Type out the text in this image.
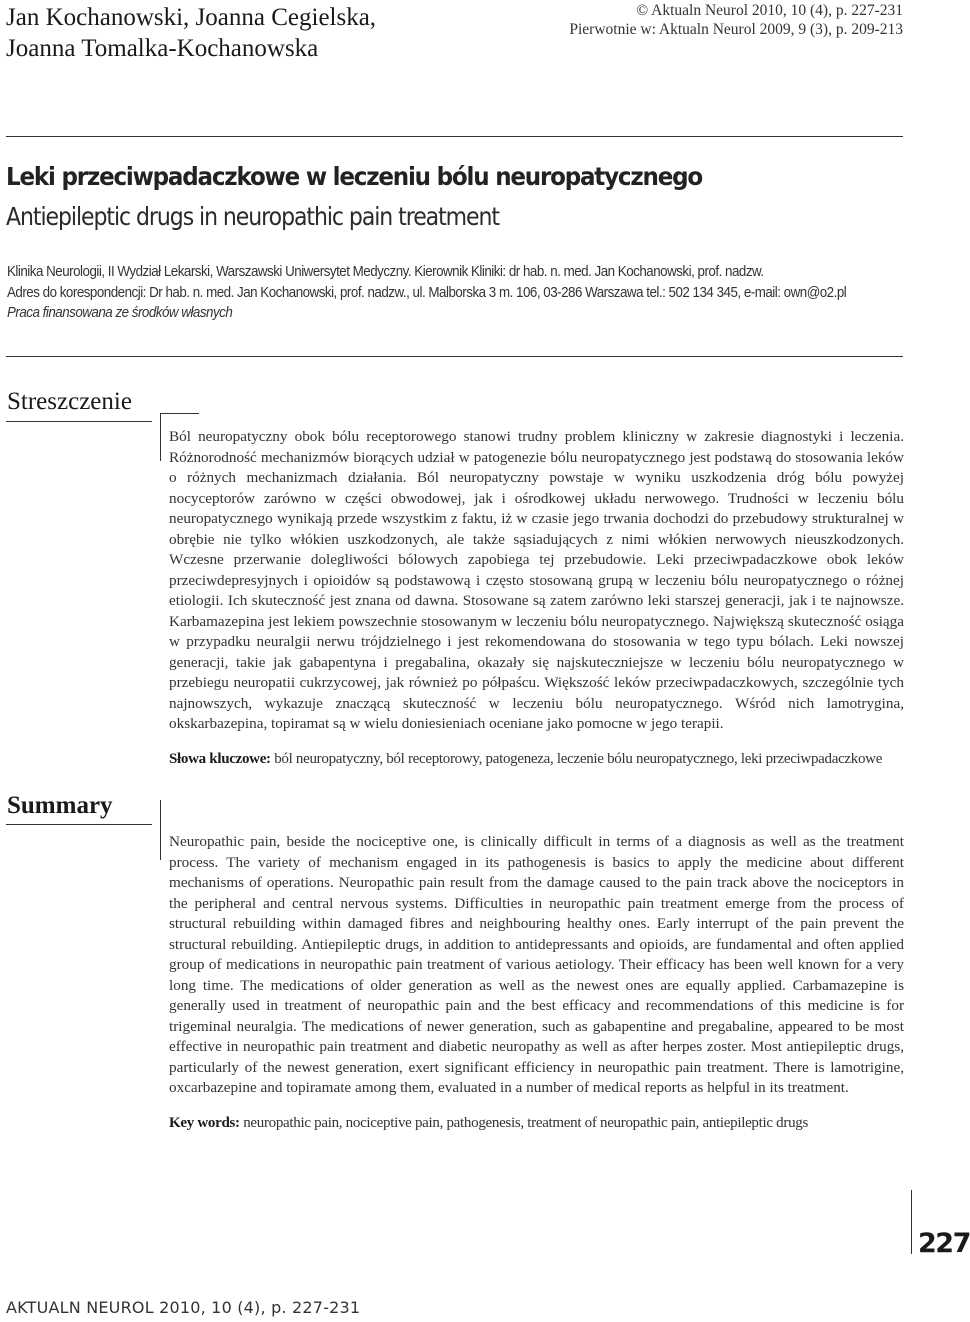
Jan Kochanowski, Joanna Cegielska,
Joanna Tomalka-Kochanowska
© Aktualn Neurol 2010, 10 (4), p. 227-231
Pierwotnie w: Aktualn Neurol 2009, 9 (3), p. 209-213
Leki przeciwpadaczkowe w leczeniu bólu neuropatycznego
Antiepileptic drugs in neuropathic pain treatment
Klinika Neurologii, II Wydział Lekarski, Warszawski Uniwersytet Medyczny. Kierownik Kliniki: dr hab. n. med. Jan Kochanowski, prof. nadzw.
Adres do korespondencji: Dr hab. n. med. Jan Kochanowski, prof. nadzw., ul. Malborska 3 m. 106, 03-286 Warszawa tel.: 502 134 345, e-mail: own@o2.pl
Praca finansowana ze środków własnych
Streszczenie

Ból neuropatyczny obok bólu receptorowego stanowi trudny problem kliniczny w zakresie diagnostyki i leczenia. Różnorodność mechanizmów biorących udział w patogenezie bólu neuropatycznego jest podstawą do stosowania leków o różnych mechanizmach działania. Ból neuropatyczny powstaje w wyniku uszkodzenia dróg bólu powyżej nocyceptorów zarówno w części obwodowej, jak i ośrodkowej układu nerwowego. Trudności w leczeniu bólu neuropatycznego wynikają przede wszystkim z faktu, iż w czasie jego trwania dochodzi do przebudowy strukturalnej w obrębie nie tylko włókien uszkodzonych, ale także sąsiadujących z nimi włókien nerwowych nieuszkodzonych. Wczesne przerwanie dolegliwości bólowych zapobiega tej przebudowie. Leki przeciwpadaczkowe obok leków przeciwdepresyjnych i opioidów są podstawową i często stosowaną grupą w leczeniu bólu neuropatycznego o różnej etiologii. Ich skuteczność jest znana od dawna. Stosowane są zatem zarówno leki starszej generacji, jak i te najnowsze. Karbamazepina jest lekiem powszechnie stosowanym w leczeniu bólu neuropatycznego. Największą skuteczność osiąga w przypadku neuralgii nerwu trójdzielnego i jest rekomendowana do stosowania w tego typu bólach. Leki nowszej generacji, takie jak gabapentyna i pregabalina, okazały się najskuteczniejsze w leczeniu bólu neuropatycznego w przebiegu neuropatii cukrzycowej, jak również po półpaścu. Większość leków przeciwpadaczkowych, szczególnie tych najnowszych, wykazuje znaczącą skuteczność w leczeniu bólu neuropatycznego. Wśród nich lamotrygina, okskarbazepina, topiramat są w wielu doniesieniach oceniane jako pomocne w jego terapii.

Słowa kluczowe: ból neuropatyczny, ból receptorowy, patogeneza, leczenie bólu neuropatycznego, leki przeciwpadaczkowe
Summary

Neuropathic pain, beside the nociceptive one, is clinically difficult in terms of a diagnosis as well as the treatment process. The variety of mechanism engaged in its pathogenesis is basics to apply the medicine about different mechanisms of operations. Neuropathic pain result from the damage caused to the pain track above the nociceptors in the peripheral and central nervous systems. Difficulties in neuropathic pain treatment emerge from the process of structural rebuilding within damaged fibres and neighbouring healthy ones. Early interrupt of the pain prevent the structural rebuilding. Antiepileptic drugs, in addition to antidepressants and opioids, are fundamental and often applied group of medications in neuropathic pain treatment of various aetiology. Their efficacy has been well known for a very long time. The medications of older generation as well as the newest ones are equally applied. Carbamazepine is generally used in treatment of neuropathic pain and the best efficacy and recommendations of this medicine is for trigeminal neuralgia. The medications of newer generation, such as gabapentine and pregabaline, appeared to be most effective in neuropathic pain treatment and diabetic neuropathy as well as after herpes zoster. Most antiepileptic drugs, particularly of the newest generation, exert significant efficiency in neuropathic pain treatment. There is lamotrigine, oxcarbazepine and topiramate among them, evaluated in a number of medical reports as helpful in its treatment.

Key words: neuropathic pain, nociceptive pain, pathogenesis, treatment of neuropathic pain, antiepileptic drugs
227
AKTUALN NEUROL 2010, 10 (4), p. 227-231
